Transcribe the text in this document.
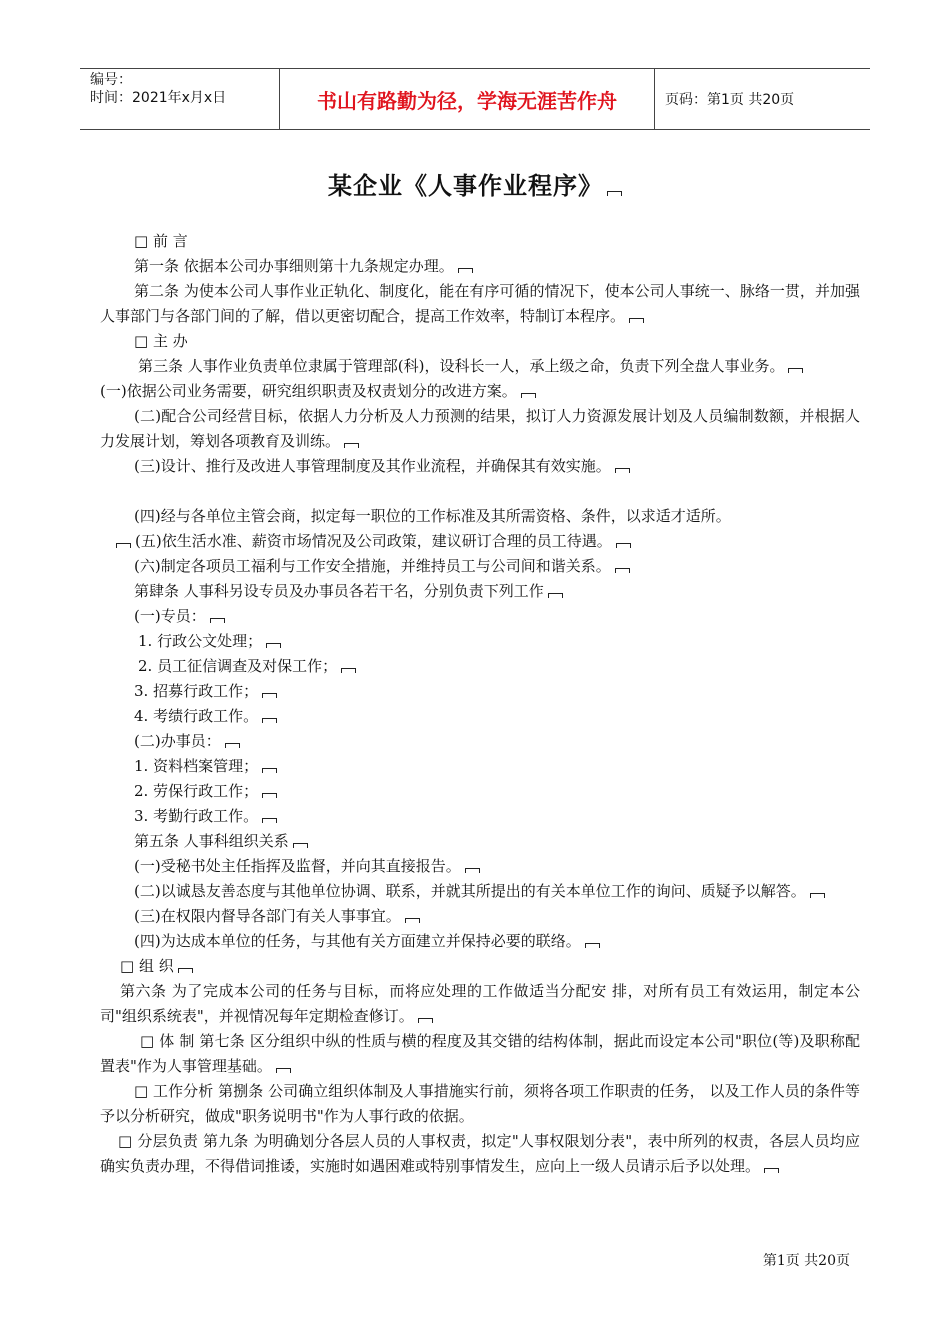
编号：
时间：2021年x月x日	书山有路勤为径，学海无涯苦作舟	页码：第1页 共20页
某企业《人事作业程序》

□ 前 言

第一条 依据本公司办事细则第十九条规定办理。

第二条 为使本公司人事作业正轨化、制度化，能在有序可循的情况下，使本公司人事统一、脉络一贯，并加强人事部门与各部门间的了解，借以更密切配合，提高工作效率，特制订本程序。

□ 主 办

第三条 人事作业负责单位隶属于管理部(科)，设科长一人，承上级之命，负责下列全盘人事业务。

(一)依据公司业务需要，研究组织职责及权责划分的改进方案。

(二)配合公司经营目标，依据人力分析及人力预测的结果，拟订人力资源发展计划及人员编制数额，并根据人力发展计划，筹划各项教育及训练。

(三)设计、推行及改进人事管理制度及其作业流程，并确保其有效实施。

(四)经与各单位主管会商，拟定每一职位的工作标准及其所需资格、条件，以求适才适所。

(五)依生活水准、薪资市场情况及公司政策，建议研订合理的员工待遇。

(六)制定各项员工福利与工作安全措施，并维持员工与公司间和谐关系。

第肆条 人事科另设专员及办事员各若干名，分别负责下列工作

(一)专员：

1. 行政公文处理；

2. 员工征信调查及对保工作；

3. 招募行政工作；

4. 考绩行政工作。

(二)办事员：

1. 资料档案管理；

2. 劳保行政工作；

3. 考勤行政工作。

第五条 人事科组织关系

(一)受秘书处主任指挥及监督，并向其直接报告。

(二)以诚恳友善态度与其他单位协调、联系，并就其所提出的有关本单位工作的询问、质疑予以解答。

(三)在权限内督导各部门有关人事事宜。

(四)为达成本单位的任务，与其他有关方面建立并保持必要的联络。

□ 组 织

第六条 为了完成本公司的任务与目标，而将应处理的工作做适当分配安 排，对所有员工有效运用，制定本公司"组织系统表"，并视情况每年定期检查修订。

□ 体 制 第七条 区分组织中纵的性质与横的程度及其交错的结构体制，据此而设定本公司"职位(等)及职称配置表"作为人事管理基础。

□ 工作分析 第捌条 公司确立组织体制及人事措施实行前，须将各项工作职责的任务， 以及工作人员的条件等予以分析研究，做成"职务说明书"作为人事行政的依据。

□ 分层负责 第九条 为明确划分各层人员的人事权责，拟定"人事权限划分表"，表中所列的权责，各层人员均应确实负责办理，不得借词推诿，实施时如遇困难或特别事情发生，应向上一级人员请示后予以处理。

第1页 共20页
